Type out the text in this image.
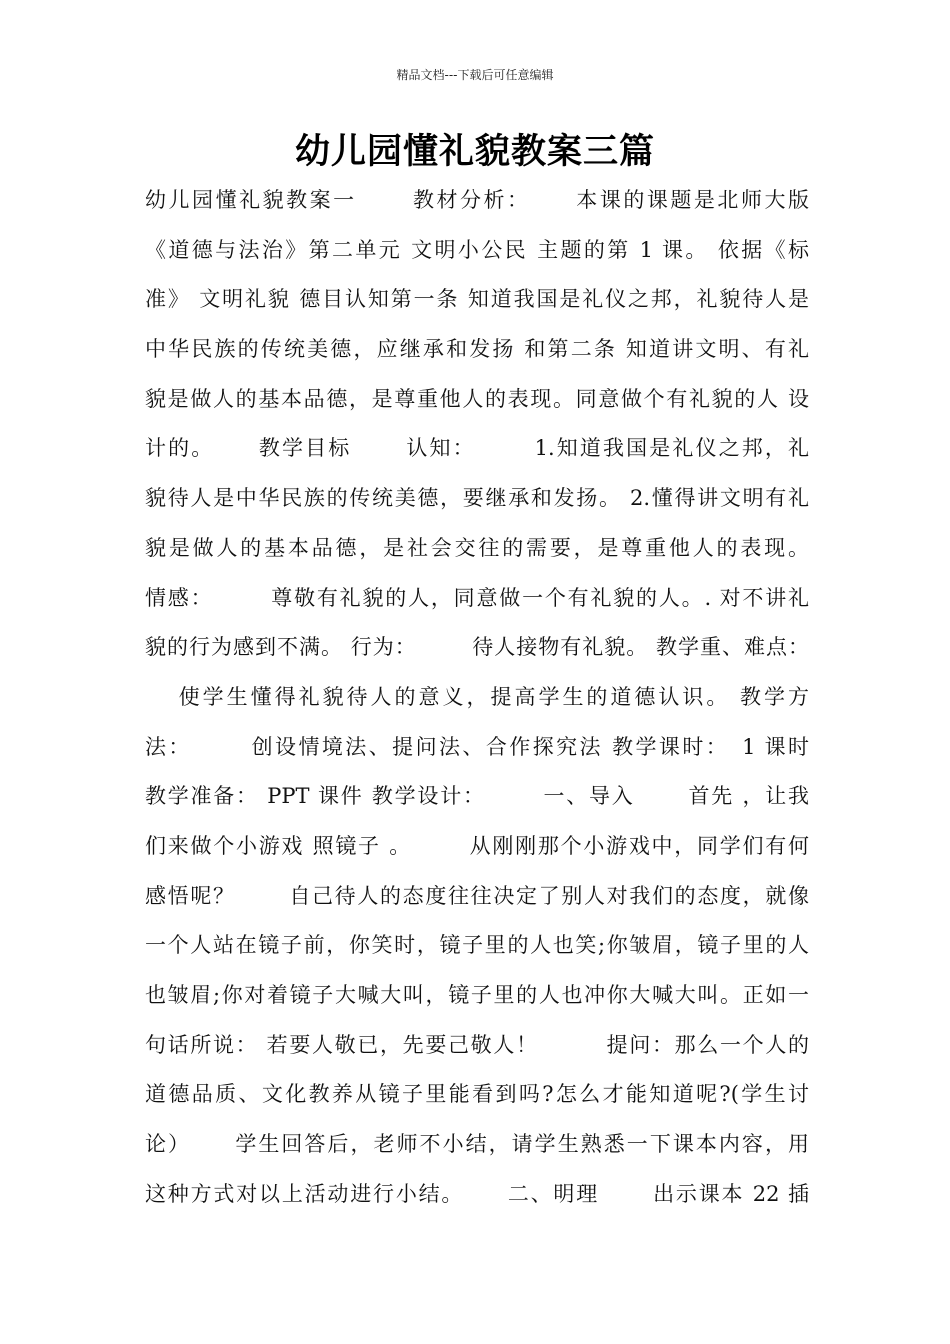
精品文档---下载后可任意编辑
幼儿园懂礼貌教案三篇
幼儿园懂礼貌教案一 　　教材分析：　　 本课的课题是北师大版
《道德与法治》第二单元 文明小公民 主题的第 1 课。 依据《标
准》 文明礼貌 德目认知第一条 知道我国是礼仪之邦，礼貌待人是
中华民族的传统美德，应继承和发扬 和第二条 知道讲文明、有礼
貌是做人的基本品德，是尊重他人的表现。同意做个有礼貌的人 设
计的。　　 教学目标　　 认知：　　　1.知道我国是礼仪之邦，礼
貌待人是中华民族的传统美德，要继承和发扬。 2.懂得讲文明有礼
貌是做人的基本品德，是社会交往的需要，是尊重他人的表现。
情感：　　　尊敬有礼貌的人，同意做一个有礼貌的人。. 对不讲礼
貌的行为感到不满。 行为：　　　待人接物有礼貌。 教学重、难点：
　 使学生懂得礼貌待人的意义，提高学生的道德认识。 教学方
法：　　　创设情境法、提问法、合作探究法 教学课时：　1 课时
教学准备： PPT 课件 教学设计：　　　一、导入　　 首先 ，让我
们来做个小游戏 照镜子 。　　　从刚刚那个小游戏中，同学们有何
感悟呢？　　 自己待人的态度往往决定了别人对我们的态度，就像
一个人站在镜子前，你笑时，镜子里的人也笑;你皱眉，镜子里的人
也皱眉;你对着镜子大喊大叫，镜子里的人也冲你大喊大叫。正如一
句话所说： 若要人敬已，先要己敬人！　　　提问：那么一个人的
道德品质、文化教养从镜子里能看到吗?怎么才能知道呢?(学生讨
论）　　 学生回答后，老师不小结，请学生熟悉一下课本内容，用
这种方式对以上活动进行小结。　　 二、明理　　 出示课本 22 插
